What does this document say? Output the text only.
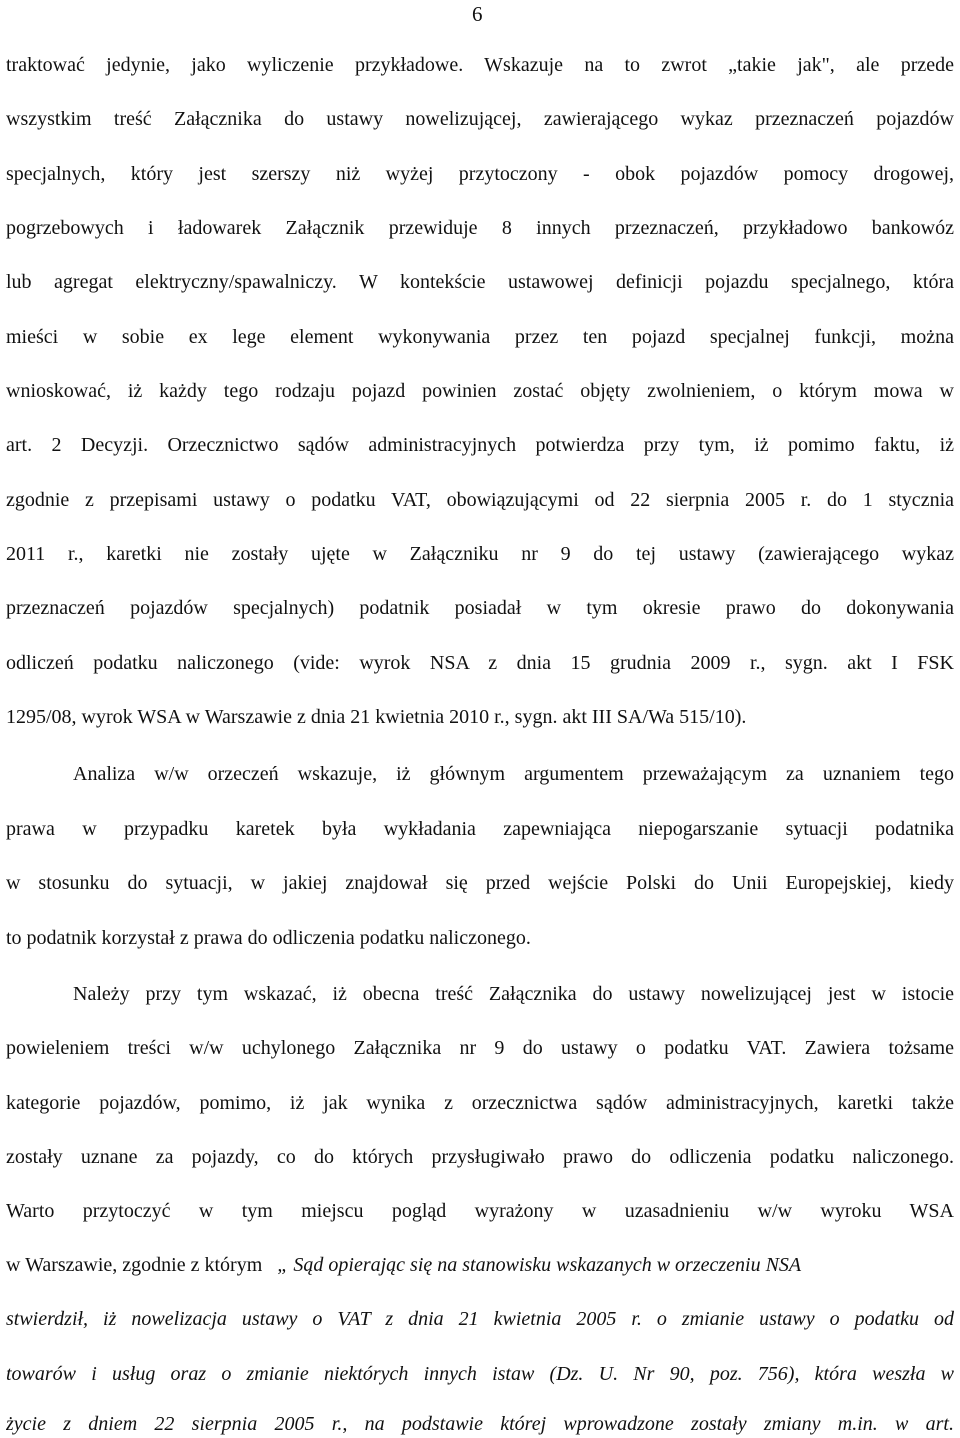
6
traktować jedynie, jako wyliczenie przykładowe. Wskazuje na to zwrot „takie jak", ale przede
wszystkim treść Załącznika do ustawy nowelizującej, zawierającego wykaz przeznaczeń pojazdów
specjalnych, który jest szerszy niż wyżej przytoczony - obok pojazdów pomocy drogowej,
pogrzebowych i ładowarek Załącznik przewiduje 8 innych przeznaczeń, przykładowo bankowóz
lub agregat elektryczny/spawalniczy. W kontekście ustawowej definicji pojazdu specjalnego, która
mieści w sobie ex lege element wykonywania przez ten pojazd specjalnej funkcji, można
wnioskować, iż każdy tego rodzaju pojazd powinien zostać objęty zwolnieniem, o którym mowa w
art. 2 Decyzji. Orzecznictwo sądów administracyjnych potwierdza przy tym, iż pomimo faktu, iż
zgodnie z przepisami ustawy o podatku VAT, obowiązującymi od 22 sierpnia 2005 r. do 1 stycznia
2011 r., karetki nie zostały ujęte w Załączniku nr 9 do tej ustawy (zawierającego wykaz
przeznaczeń pojazdów specjalnych) podatnik posiadał w tym okresie prawo do dokonywania
odliczeń podatku naliczonego (vide: wyrok NSA z dnia 15 grudnia 2009 r., sygn. akt I FSK
1295/08, wyrok WSA w Warszawie z dnia 21 kwietnia 2010 r., sygn. akt III SA/Wa 515/10).
Analiza w/w orzeczeń wskazuje, iż głównym argumentem przeważającym za uznaniem tego
prawa w przypadku karetek była wykładania zapewniająca niepogarszanie sytuacji podatnika
w stosunku do sytuacji, w jakiej znajdował się przed wejście Polski do Unii Europejskiej, kiedy
to podatnik korzystał z prawa do odliczenia podatku naliczonego.
Należy przy tym wskazać, iż obecna treść Załącznika do ustawy nowelizującej jest w istocie
powieleniem treści w/w uchylonego Załącznika nr 9 do ustawy o podatku VAT. Zawiera tożsame
kategorie pojazdów, pomimo, iż jak wynika z orzecznictwa sądów administracyjnych, karetki także
zostały uznane za pojazdy, co do których przysługiwało prawo do odliczenia podatku naliczonego.
Warto przytoczyć w tym miejscu pogląd wyrażony w uzasadnieniu w/w wyroku WSA
w Warszawie, zgodnie z którym „ Sąd opierając się na stanowisku wskazanych w orzeczeniu NSA
stwierdził, iż nowelizacja ustawy o VAT z dnia 21 kwietnia 2005 r. o zmianie ustawy o podatku od
towarów i usług oraz o zmianie niektórych innych istaw (Dz. U. Nr 90, poz. 756), która weszła w
życie z dniem 22 sierpnia 2005 r., na podstawie której wprowadzone zostały zmiany m.in. w art.
